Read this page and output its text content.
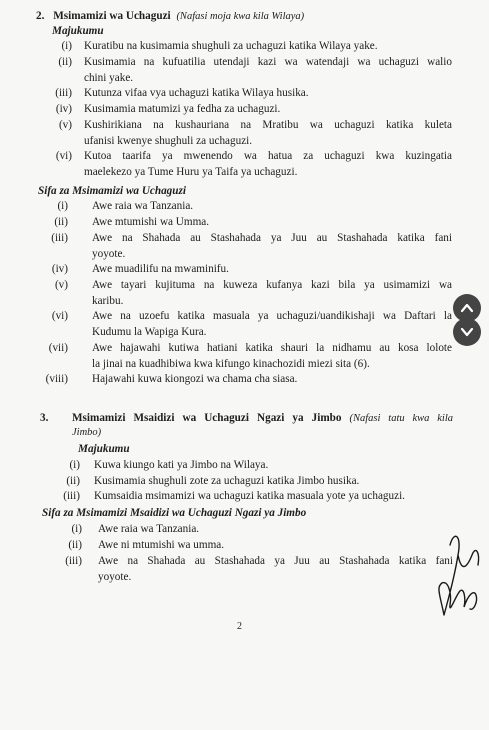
2. Msimamizi wa Uchaguzi (Nafasi moja kwa kila Wilaya)
Majukumu
(i) Kuratibu na kusimamia shughuli za uchaguzi katika Wilaya yake.
(ii) Kusimamia na kufuatilia utendaji kazi wa watendaji wa uchaguzi walio
chini yake.
(iii) Kutunza vifaa vya uchaguzi katika Wilaya husika.
(iv) Kusimamia matumizi ya fedha za uchaguzi.
(v) Kushirikiana na kushauriana na Mratibu wa uchaguzi katika kuleta
ufanisi kwenye shughuli za uchaguzi.
(vi) Kutoa taarifa ya mwenendo wa hatua za uchaguzi kwa kuzingatia
maelekezo ya Tume Huru ya Taifa ya uchaguzi.
Sifa za Msimamizi wa Uchaguzi
(i) Awe raia wa Tanzania.
(ii) Awe mtumishi wa Umma.
(iii) Awe na Shahada au Stashahada ya Juu au Stashahada katika fani
yoyote.
(iv) Awe muadilifu na mwaminifu.
(v) Awe tayari kujituma na kuweza kufanya kazi bila ya usimamizi wa
karibu.
(vi) Awe na uzoefu katika masuala ya uchaguzi/uandikishaji wa Daftari la
Kudumu la Wapiga Kura.
(vii) Awe hajawahi kutiwa hatiani katika shauri la nidhamu au kosa lolote
la jinai na kuadhibiwa kwa kifungo kinachozidi miezi sita (6).
(viii) Hajawahi kuwa kiongozi wa chama cha siasa.
3. Msimamizi Msaidizi wa Uchaguzi Ngazi ya Jimbo (Nafasi tatu kwa kila
Jimbo)
Majukumu
(i) Kuwa kiungo kati ya Jimbo na Wilaya.
(ii) Kusimamia shughuli zote za uchaguzi katika Jimbo husika.
(iii) Kumsaidia msimamizi wa uchaguzi katika masuala yote ya uchaguzi.
Sifa za Msimamizi Msaidizi wa Uchaguzi Ngazi ya Jimbo
(i) Awe raia wa Tanzania.
(ii) Awe ni mtumishi wa umma.
(iii) Awe na Shahada au Stashahada ya Juu au Stashahada katika fani
yoyote.
2
